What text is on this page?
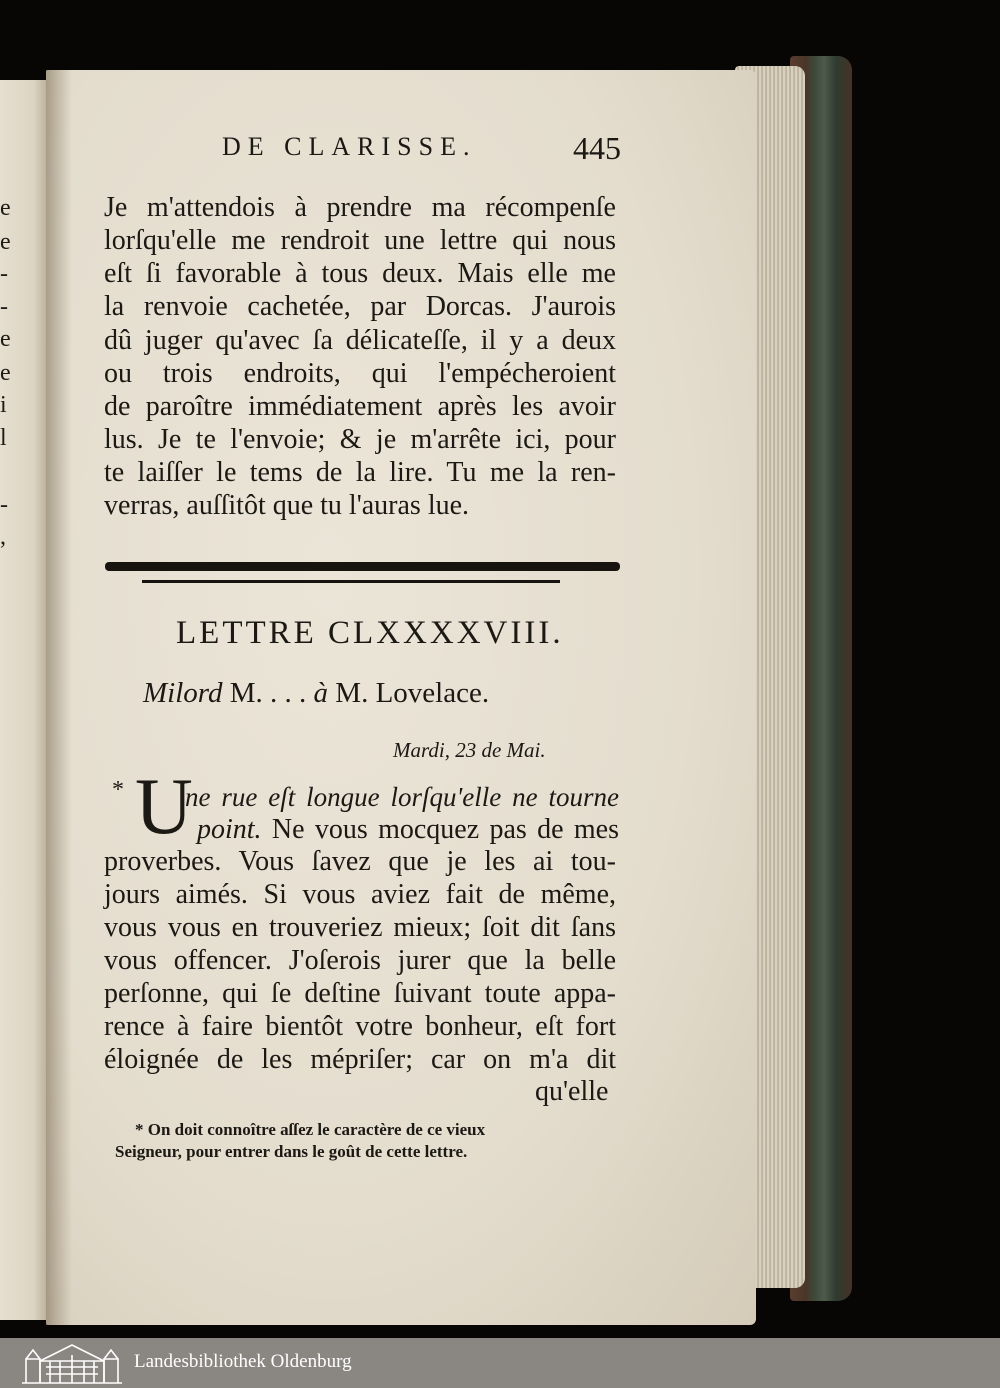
e
e
-
-
e
e
i
l
-
,
DE CLARISSE.	445
Je m'attendois à prendre ma récompenſe
lorſqu'elle me rendroit une lettre qui nous
eſt ſi favorable à tous deux. Mais elle me
la renvoie cachetée, par Dorcas. J'aurois
dû juger qu'avec ſa délicateſſe, il y a deux
ou trois endroits, qui l'empécheroient
de paroître immédiatement après les avoir
lus. Je te l'envoie; & je m'arrête ici, pour
te laiſſer le tems de la lire. Tu me la ren-
verras, auſſitôt que tu l'auras lue.
LETTRE CLXXXXVIII.
Milord M. . . . à M. Lovelace.
Mardi, 23 de Mai.
* U
ne rue eſt longue lorſqu'elle ne tourne
point. Ne vous mocquez pas de mes
proverbes. Vous ſavez que je les ai tou-
jours aimés. Si vous aviez fait de même,
vous vous en trouveriez mieux; ſoit dit ſans
vous offencer. J'oſerois jurer que la belle
perſonne, qui ſe deſtine ſuivant toute appa-
rence à faire bientôt votre bonheur, eſt fort
éloignée de les mépriſer; car on m'a dit
qu'elle
* On doit connoître aſſez le caractère de ce vieux
Seigneur, pour entrer dans le goût de cette lettre.
Landesbibliothek Oldenburg
